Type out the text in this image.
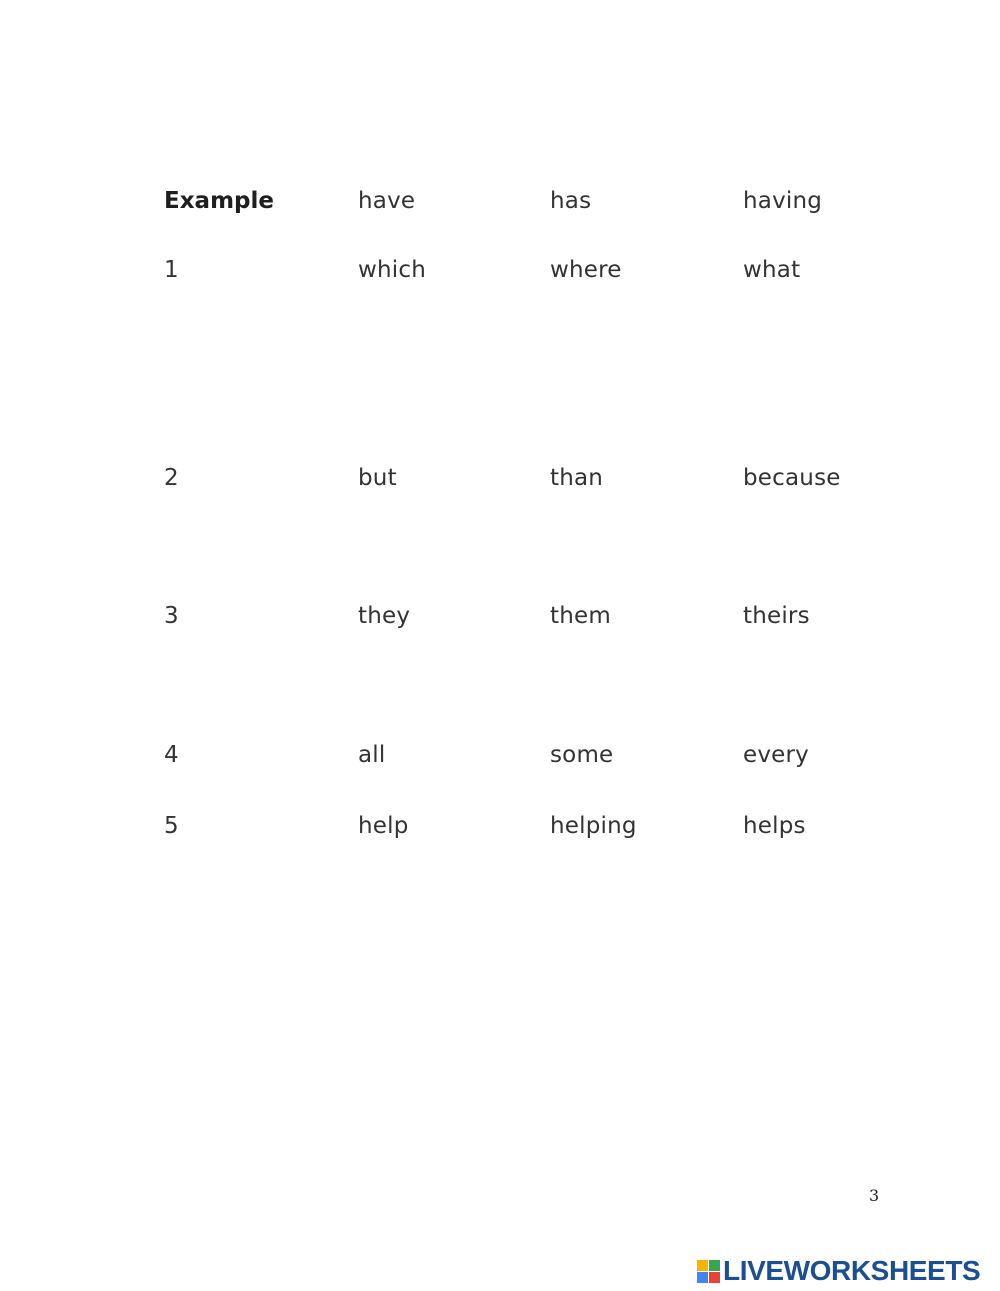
Example	have	has	having
1	which	where	what
2	but	than	because
3	they	them	theirs
4	all	some	every
5	help	helping	helps
3
LIVEWORKSHEETS
